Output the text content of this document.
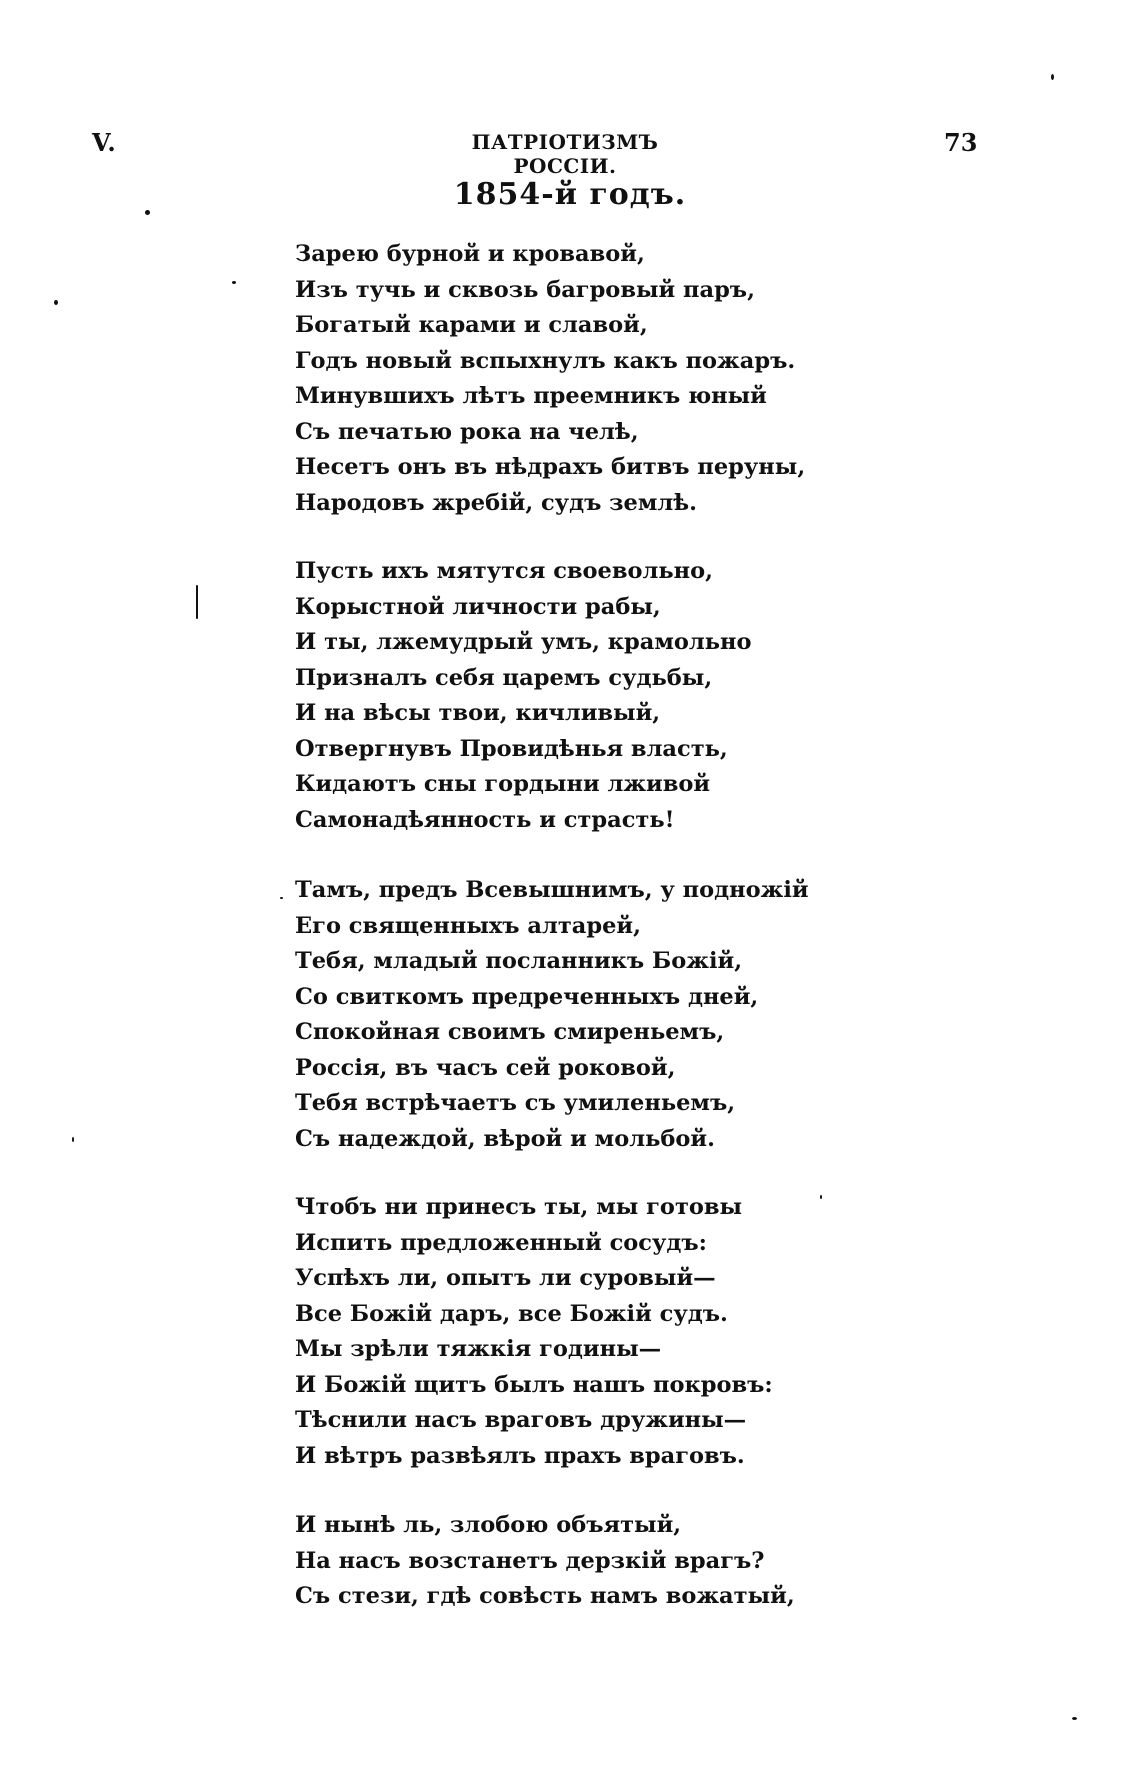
V.	ПАТРІОТИЗМЪ РОССІИ.
73
1854-й годъ.
Зарею бурной и кровавой,
Изъ тучь и сквозь багровый паръ,
Богатый карами и славой,
Годъ новый вспыхнулъ какъ пожаръ.
Минувшихъ лѣтъ преемникъ юный
Съ печатью рока на челѣ,
Несетъ онъ въ нѣдрахъ битвъ перуны,
Народовъ жребій, судъ землѣ.
Пусть ихъ мятутся своевольно,
Корыстной личности рабы,
И ты, лжемудрый умъ, крамольно
Призналъ себя царемъ судьбы,
И на вѣсы твои, кичливый,
Отвергнувъ Провидѣнья власть,
Кидаютъ сны гордыни лживой
Самонадѣянность и страсть!
Тамъ, предъ Всевышнимъ, у подножій
Его священныхъ алтарей,
Тебя, младый посланникъ Божій,
Со свиткомъ предреченныхъ дней,
Спокойная своимъ смиреньемъ,
Россія, въ часъ сей роковой,
Тебя встрѣчаетъ съ умиленьемъ,
Съ надеждой, вѣрой и мольбой.
Чтобъ ни принесъ ты, мы готовы
Испить предложенный сосудъ:
Успѣхъ ли, опытъ ли суровый—
Все Божій даръ, все Божій судъ.
Мы зрѣли тяжкія годины—
И Божій щитъ былъ нашъ покровъ:
Тѣснили насъ враговъ дружины—
И вѣтръ развѣялъ прахъ враговъ.
И нынѣ ль, злобою объятый,
На насъ возстанетъ дерзкій врагъ?
Съ стези, гдѣ совѣсть намъ вожатый,
